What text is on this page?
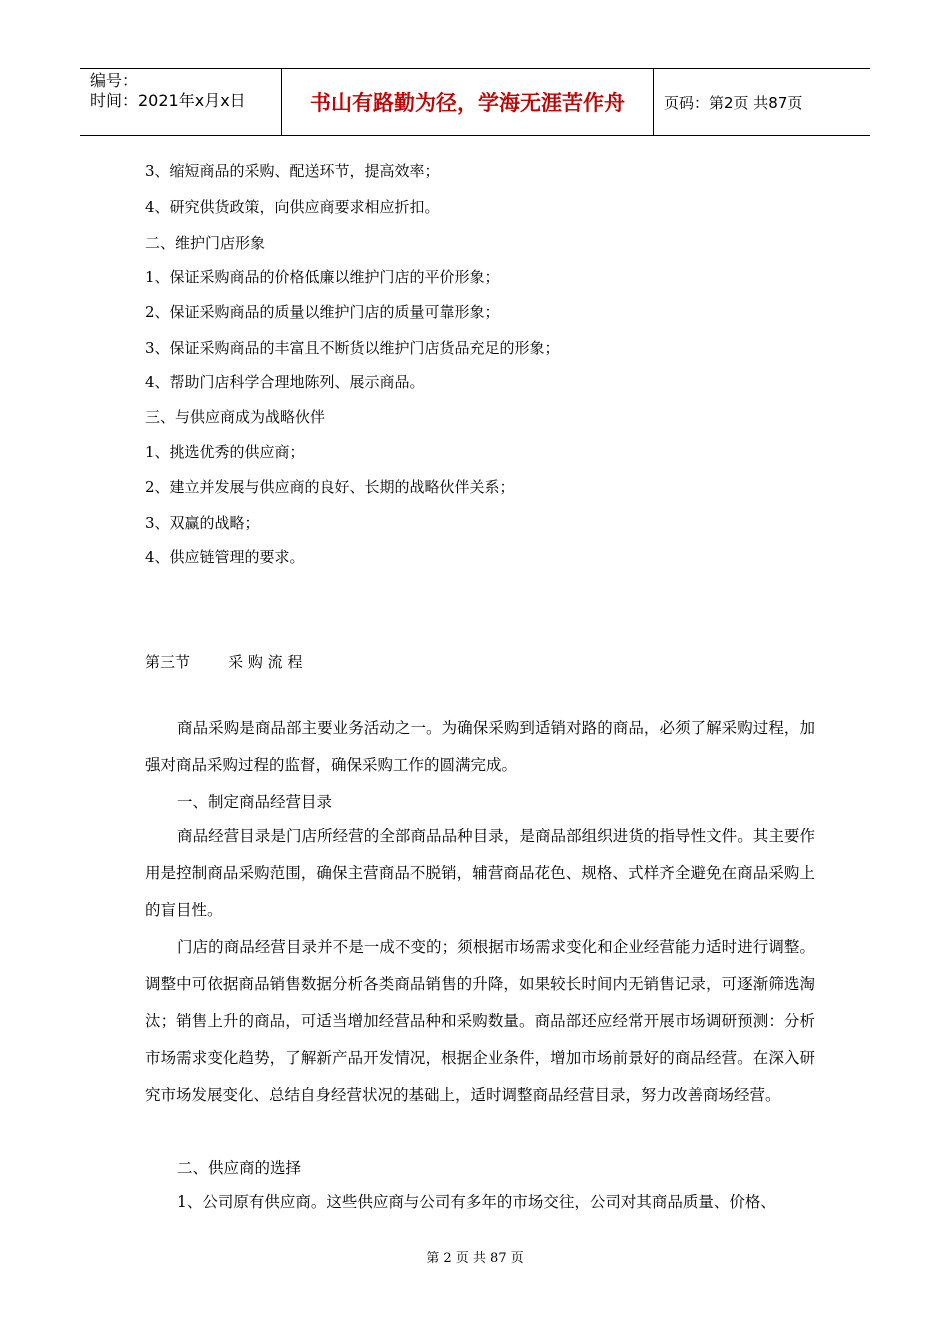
编号：
时间：2021年x月x日	书山有路勤为径，学海无涯苦作舟	页码：第2页 共87页
3、缩短商品的采购、配送环节，提高效率；
4、研究供货政策，向供应商要求相应折扣。
二、维护门店形象
1、保证采购商品的价格低廉以维护门店的平价形象；
2、保证采购商品的质量以维护门店的质量可靠形象；
3、保证采购商品的丰富且不断货以维护门店货品充足的形象；
4、帮助门店科学合理地陈列、展示商品。
三、与供应商成为战略伙伴
1、挑选优秀的供应商；
2、建立并发展与供应商的良好、长期的战略伙伴关系；
3、双赢的战略；
4、供应链管理的要求。
第三节        采 购 流 程
商品采购是商品部主要业务活动之一。为确保采购到适销对路的商品，必须了解采购过程，加强对商品采购过程的监督，确保采购工作的圆满完成。
一、制定商品经营目录
商品经营目录是门店所经营的全部商品品种目录，是商品部组织进货的指导性文件。其主要作用是控制商品采购范围，确保主营商品不脱销，辅营商品花色、规格、式样齐全避免在商品采购上的盲目性。
门店的商品经营目录并不是一成不变的；须根据市场需求变化和企业经营能力适时进行调整。调整中可依据商品销售数据分析各类商品销售的升降，如果较长时间内无销售记录，可逐渐筛选淘汰；销售上升的商品，可适当增加经营品种和采购数量。商品部还应经常开展市场调研预测：分析市场需求变化趋势，了解新产品开发情况，根据企业条件，增加市场前景好的商品经营。在深入研究市场发展变化、总结自身经营状况的基础上，适时调整商品经营目录，努力改善商场经营。
二、供应商的选择
1、公司原有供应商。这些供应商与公司有多年的市场交往，公司对其商品质量、价格、
第 2 页 共 87 页
